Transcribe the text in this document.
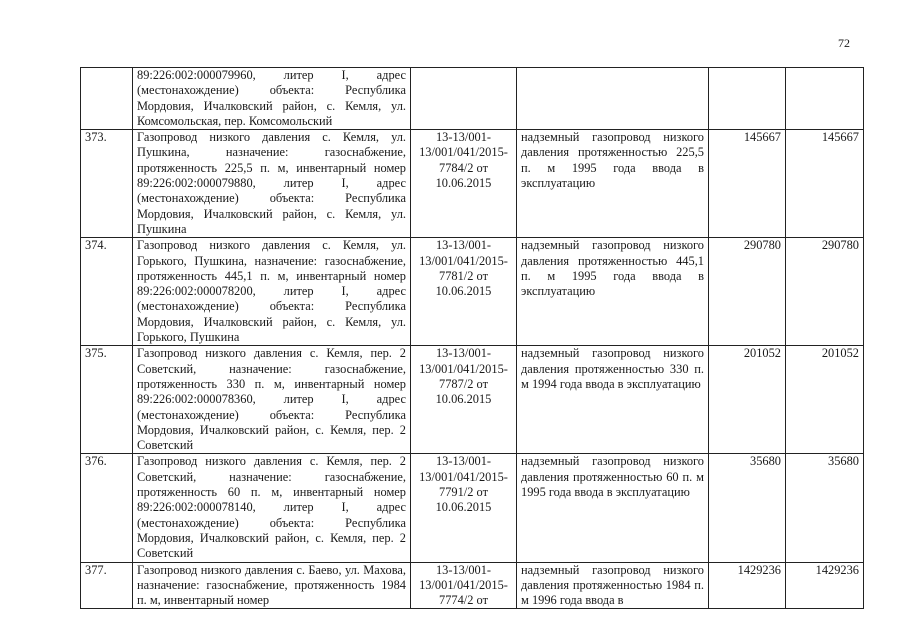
72
	89:226:002:000079960, литер I, адрес (местонахождение) объекта: Республика Мордовия, Ичалковский район, с. Кемля, ул. Комсомольская, пер. Комсомольский				
373.	Газопровод низкого давления с. Кемля, ул. Пушкина, назначение: газоснабжение, протяженность 225,5 п. м, инвентарный номер 89:226:002:000079880, литер I, адрес (местонахождение) объекта: Республика Мордовия, Ичалковский район, с. Кемля, ул. Пушкина	13-13/001-13/001/041/2015-7784/2 от 10.06.2015	надземный газопровод низкого давления протяженностью 225,5 п. м 1995 года ввода в эксплуатацию	145667	145667
374.	Газопровод низкого давления с. Кемля, ул. Горького, Пушкина, назначение: газоснабжение, протяженность 445,1 п. м, инвентарный номер 89:226:002:000078200, литер I, адрес (местонахождение) объекта: Республика Мордовия, Ичалковский район, с. Кемля, ул. Горького, Пушкина	13-13/001-13/001/041/2015-7781/2 от 10.06.2015	надземный газопровод низкого давления протяженностью 445,1 п. м 1995 года ввода в эксплуатацию	290780	290780
375.	Газопровод низкого давления с. Кемля, пер. 2 Советский, назначение: газоснабжение, протяженность 330 п. м, инвентарный номер 89:226:002:000078360, литер I, адрес (местонахождение) объекта: Республика Мордовия, Ичалковский район, с. Кемля, пер. 2 Советский	13-13/001-13/001/041/2015-7787/2 от 10.06.2015	надземный газопровод низкого давления протяженностью 330 п. м 1994 года ввода в эксплуатацию	201052	201052
376.	Газопровод низкого давления с. Кемля, пер. 2 Советский, назначение: газоснабжение, протяженность 60 п. м, инвентарный номер 89:226:002:000078140, литер I, адрес (местонахождение) объекта: Республика Мордовия, Ичалковский район, с. Кемля, пер. 2 Советский	13-13/001-13/001/041/2015-7791/2 от 10.06.2015	надземный газопровод низкого давления протяженностью 60 п. м 1995 года ввода в эксплуатацию	35680	35680
377.	Газопровод низкого давления с. Баево, ул. Махова, назначение: газоснабжение, протяженность 1984 п. м, инвентарный номер	13-13/001-13/001/041/2015-7774/2 от	надземный газопровод низкого давления протяженностью 1984 п. м 1996 года ввода в	1429236	1429236
